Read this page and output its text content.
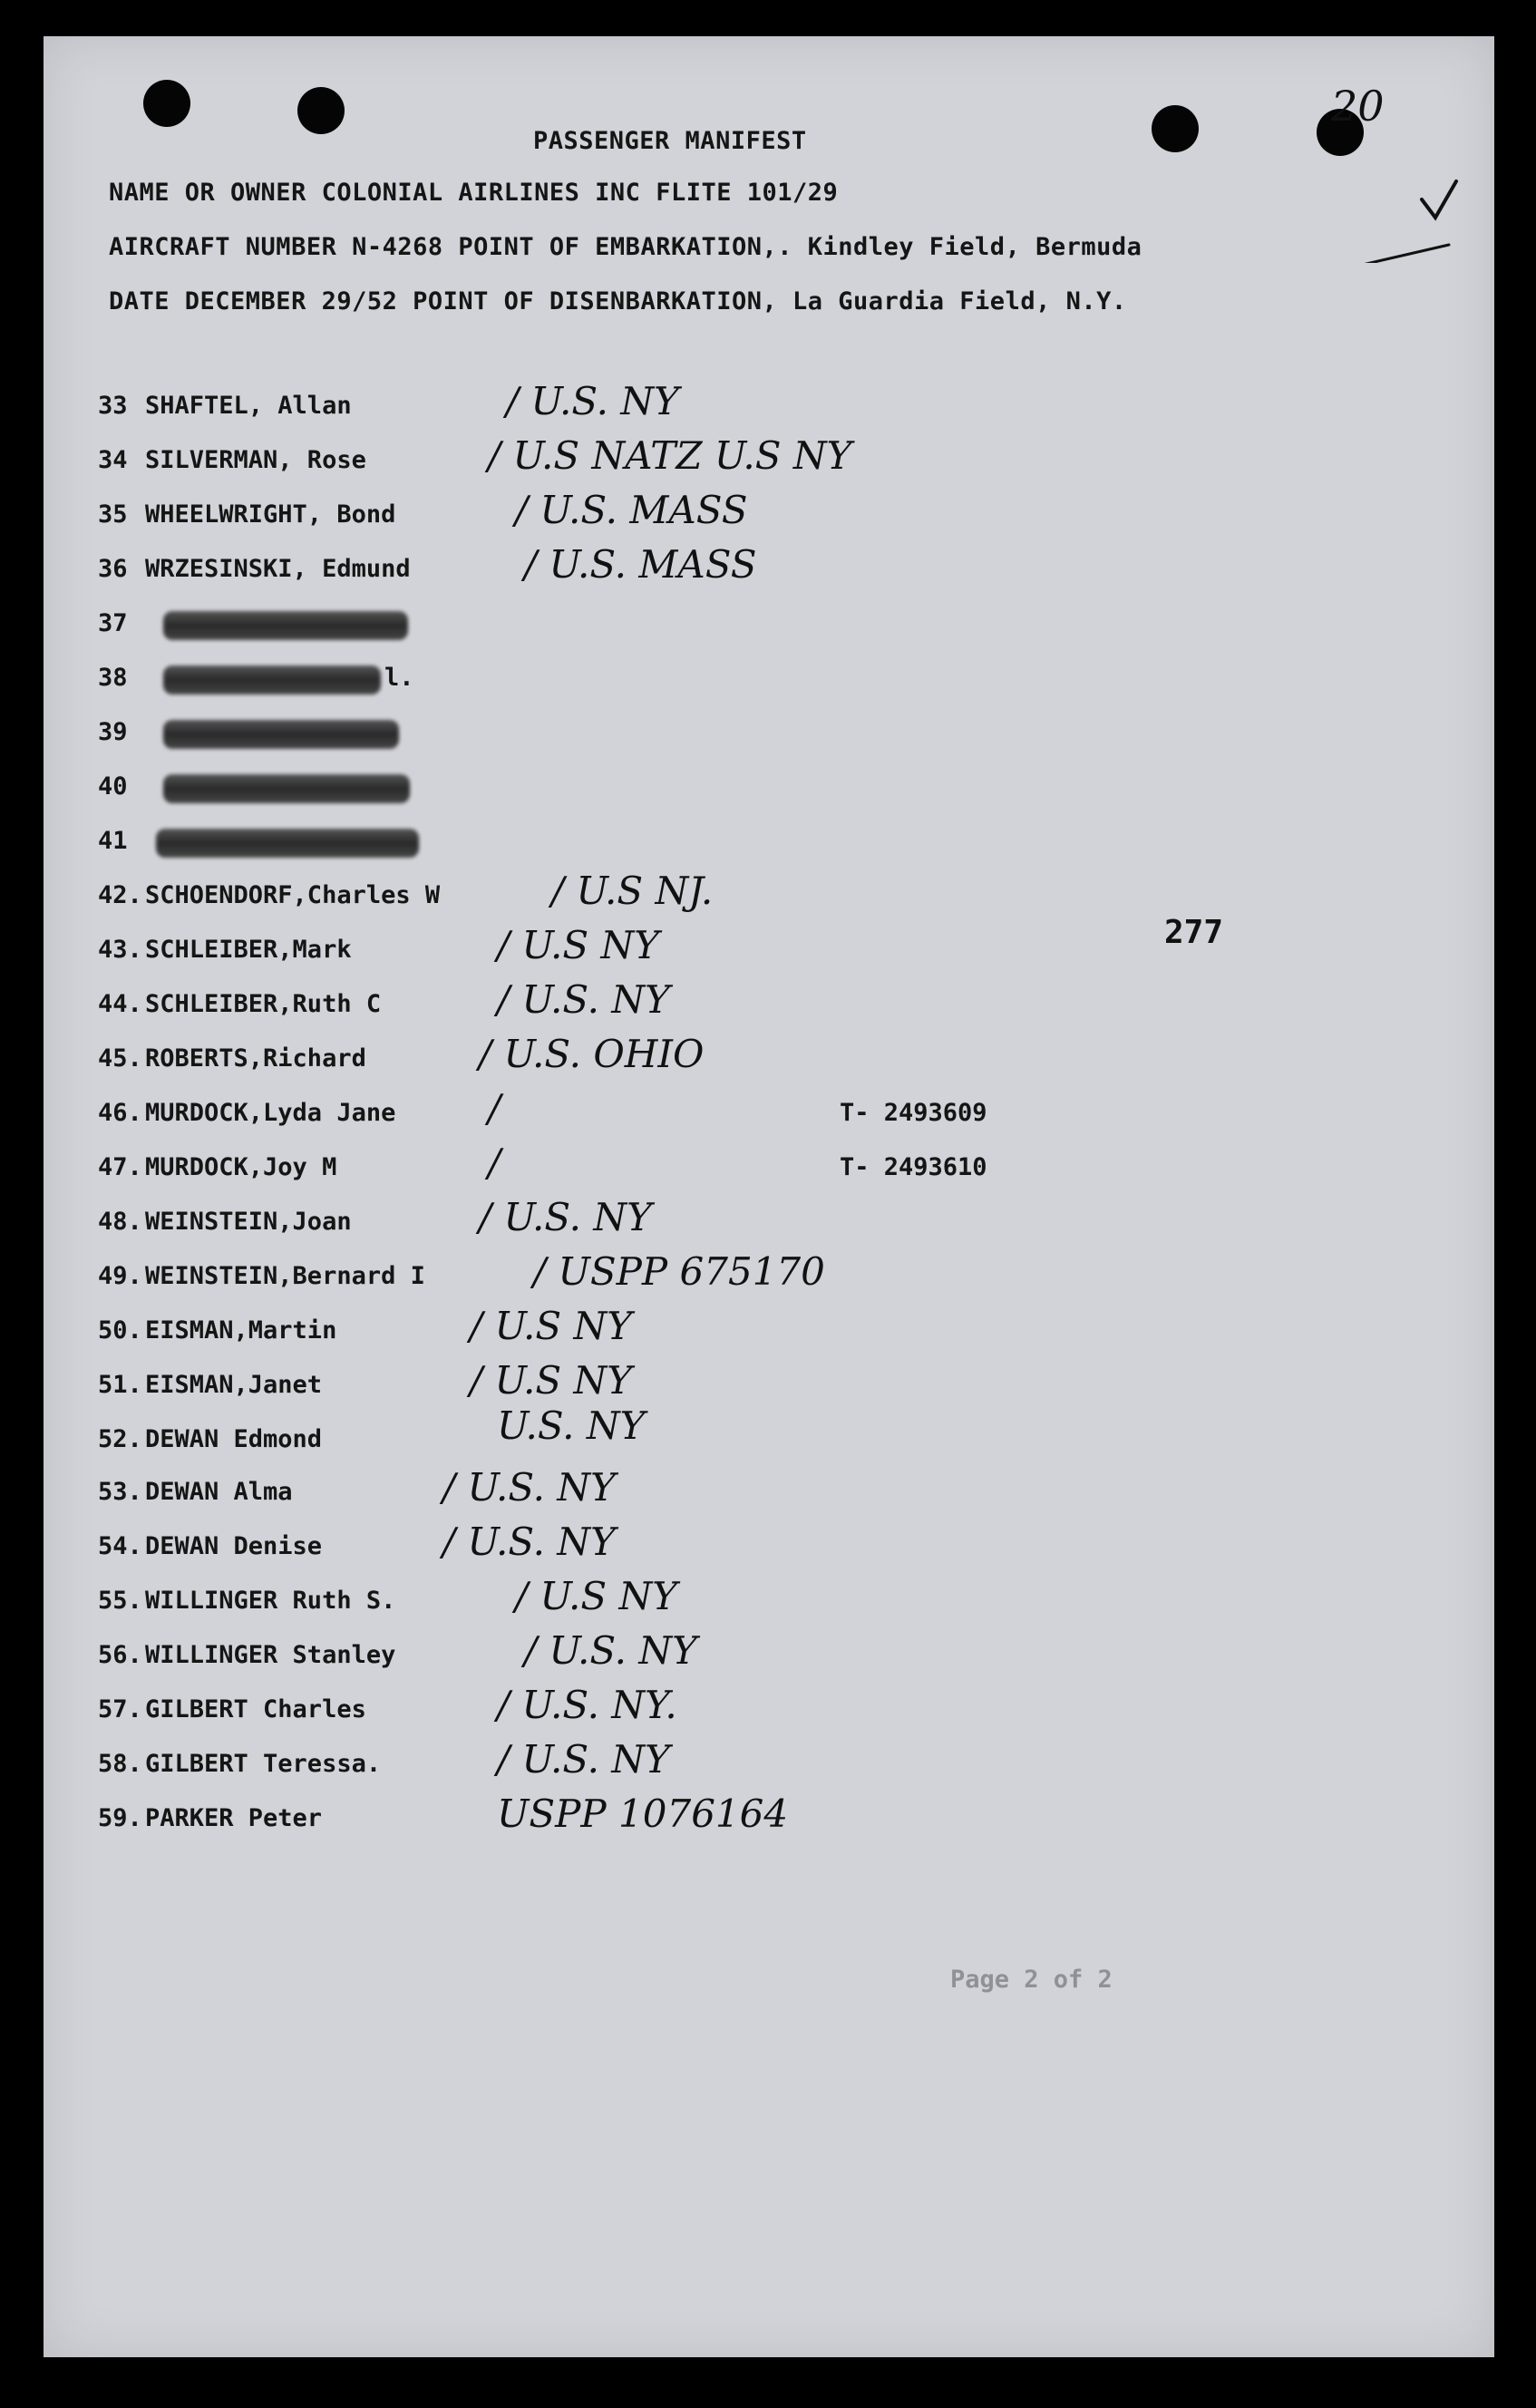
PASSENGER MANIFEST
NAME OR OWNER COLONIAL AIRLINES INC FLITE 101/29
AIRCRAFT NUMBER N-4268 POINT OF EMBARKATION,. Kindley Field, Bermuda
DATE DECEMBER 29/52 POINT OF DISENBARKATION, La Guardia Field, N.Y.
20
277
33 SHAFTEL, Allan	/ U.S. NY
34 SILVERMAN, Rose	/ U.S NATZ U.S NY
35 WHEELWRIGHT, Bond	/ U.S. MASS
36 WRZESINSKI, Edmund	/ U.S. MASS
37
38	l.
39
40
41
42. SCHOENDORF,Charles W	/ U.S NJ.
43. SCHLEIBER,Mark	/ U.S NY
44. SCHLEIBER,Ruth C	/ U.S. NY
45. ROBERTS,Richard	/ U.S. OHIO
46. MURDOCK,Lyda Jane /	T- 2493609
47. MURDOCK,Joy M	/	T- 2493610
48. WEINSTEIN,Joan	/ U.S. NY
49. WEINSTEIN,Bernard I	/ USPP 675170
50. EISMAN,Martin	/ U.S NY
51. EISMAN,Janet	/ U.S NY
52. DEWAN Edmond	U.S. NY
53. DEWAN Alma	/ U.S. NY
54. DEWAN Denise	/ U.S. NY
55. WILLINGER Ruth S.	/ U.S NY
56. WILLINGER Stanley	/ U.S. NY
57. GILBERT Charles	/ U.S. NY.
58. GILBERT Teressa.	/ U.S. NY
59. PARKER Peter	USPP 1076164
Page 2 of 2
